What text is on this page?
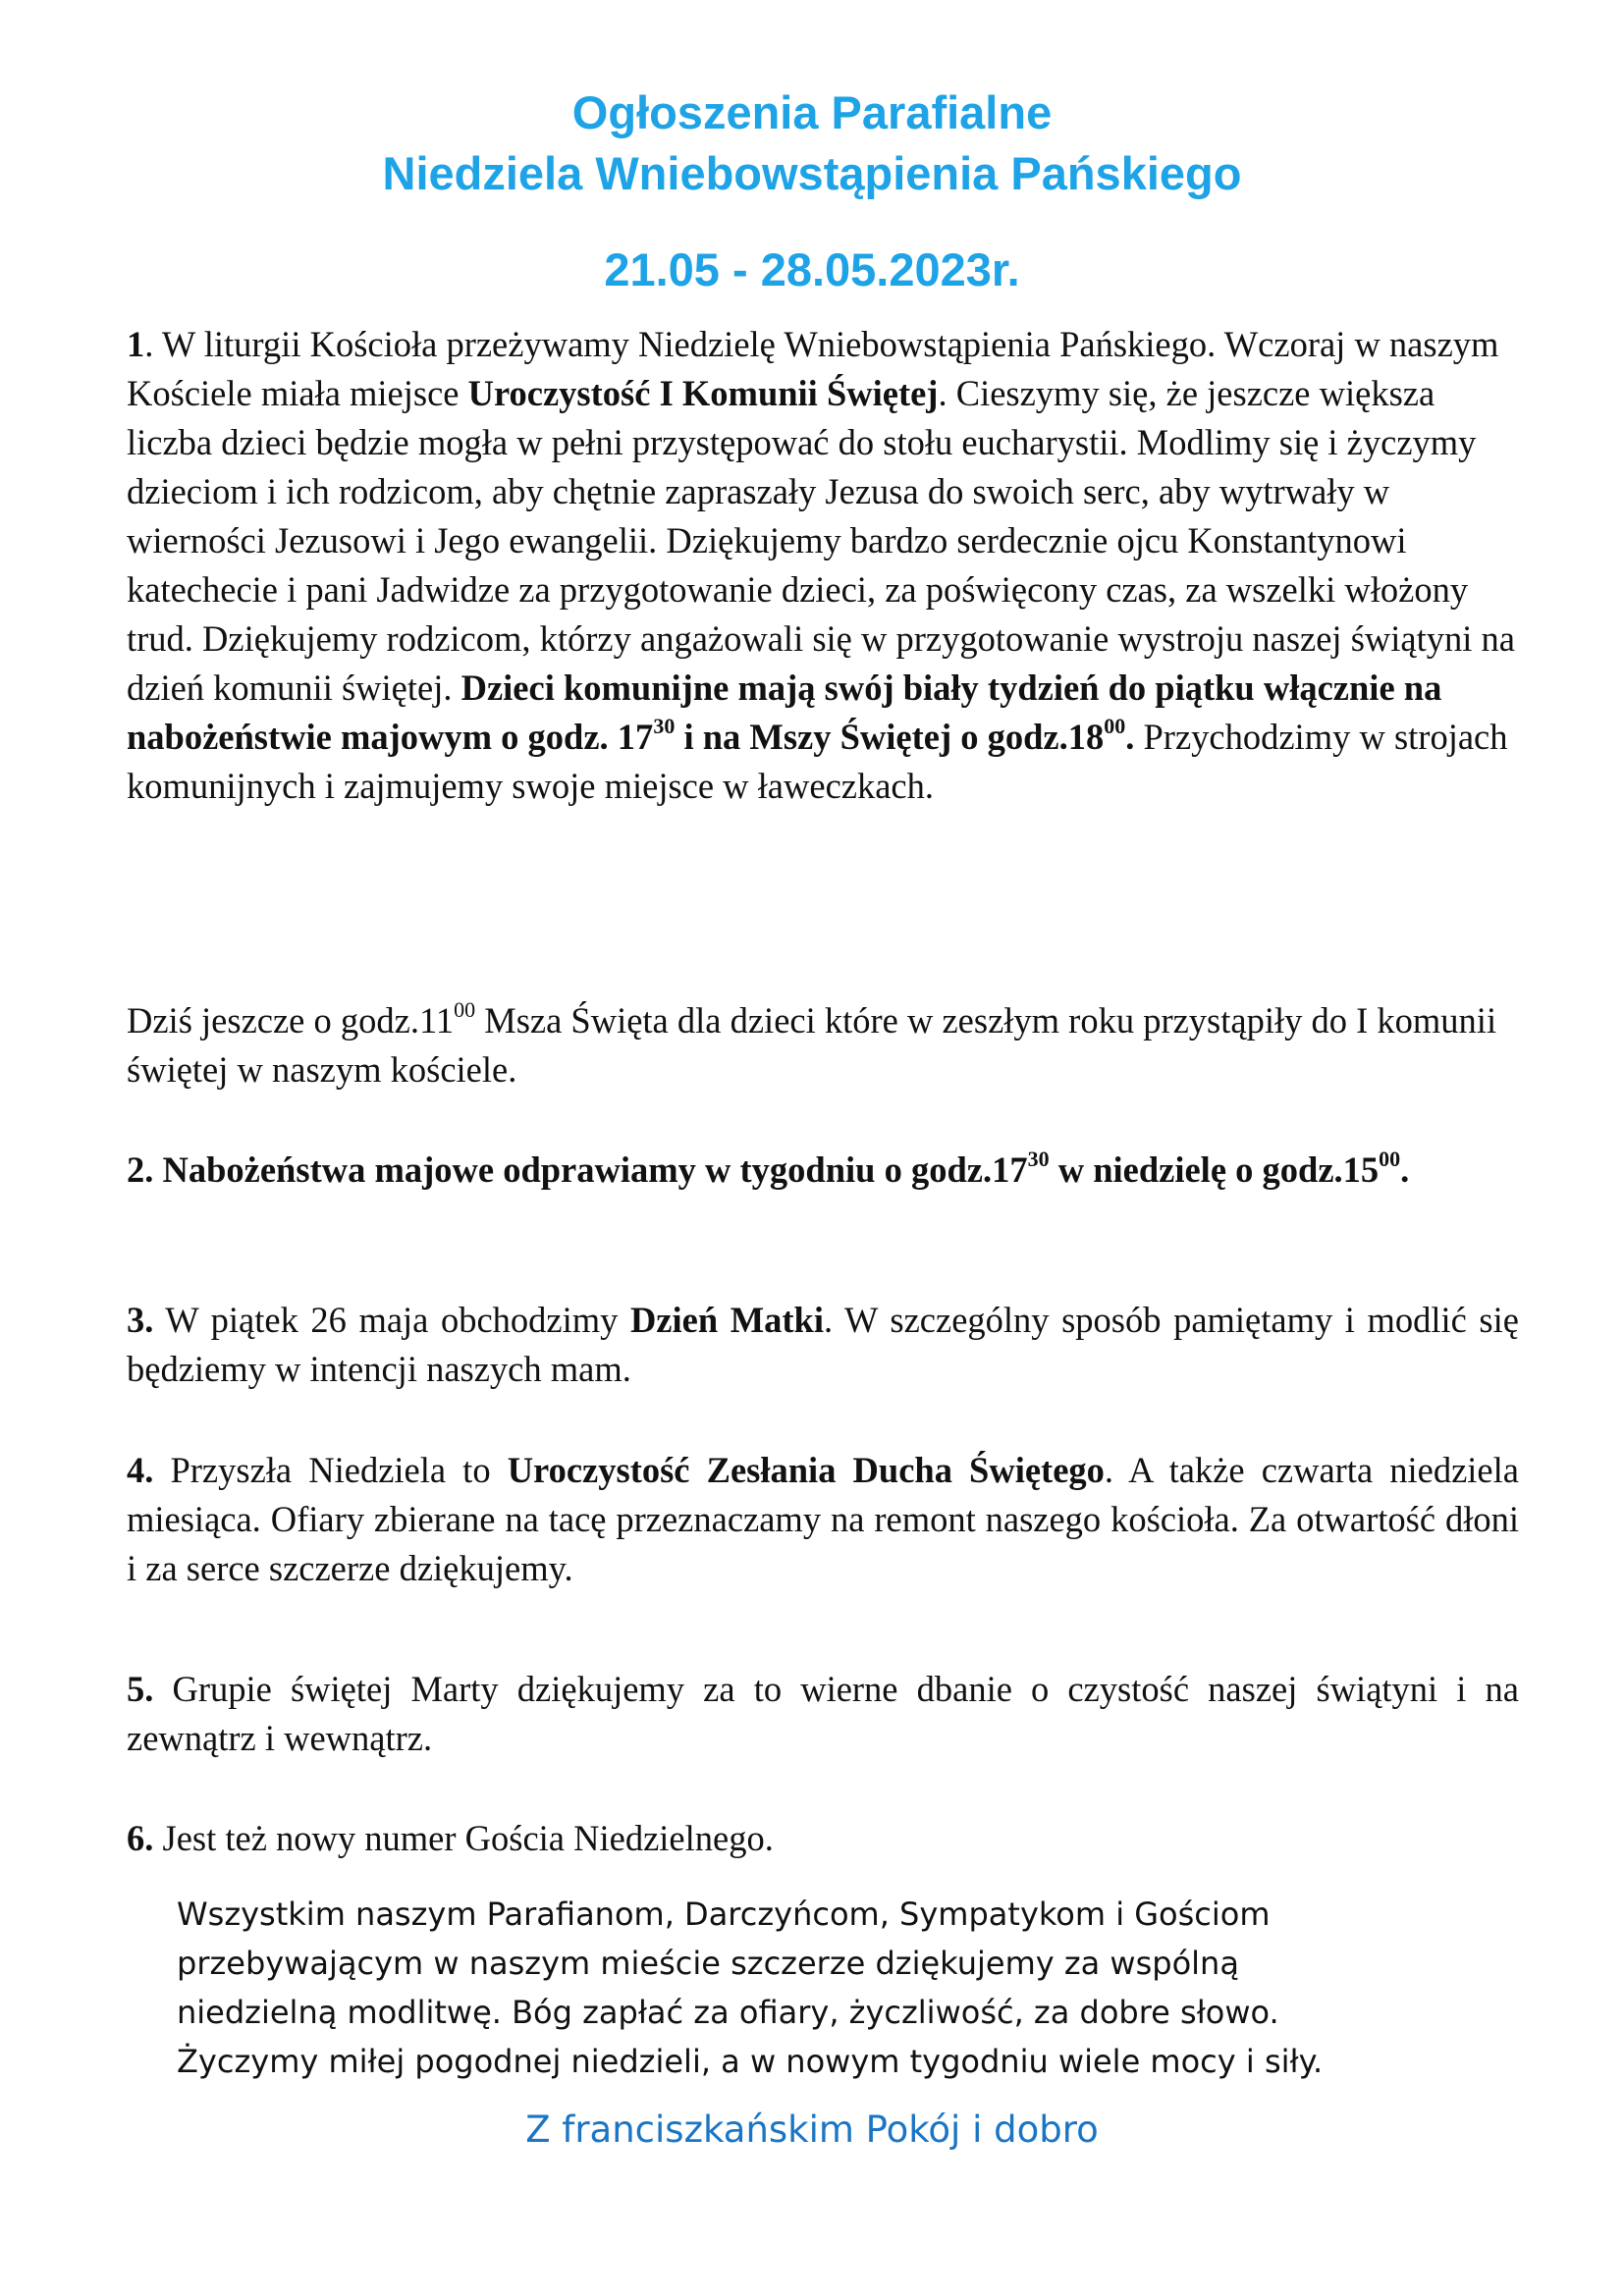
Ogłoszenia Parafialne
Niedziela Wniebowstąpienia Pańskiego
21.05 - 28.05.2023r.

1. W liturgii Kościoła przeżywamy Niedzielę Wniebowstąpienia Pańskiego. Wczoraj w naszym Kościele miała miejsce Uroczystość I Komunii Świętej. Cieszymy się, że jeszcze większa liczba dzieci będzie mogła w pełni przystępować do stołu eucharystii. Modlimy się i życzymy dzieciom i ich rodzicom, aby chętnie zapraszały Jezusa do swoich serc, aby wytrwały w wierności Jezusowi i Jego ewangelii. Dziękujemy bardzo serdecznie ojcu Konstantynowi katechecie i pani Jadwidze za przygotowanie dzieci, za poświęcony czas, za wszelki włożony trud. Dziękujemy rodzicom, którzy angażowali się w przygotowanie wystroju naszej świątyni na dzień komunii świętej. Dzieci komunijne mają swój biały tydzień do piątku włącznie na nabożeństwie majowym o godz. $17^{30}$ i na Mszy Świętej o $godz.18^{00}$. Przychodzimy w strojach komunijnych i zajmujemy swoje miejsce w ławeczkach.

Dziś jeszcze o $godz.11^{00}$ Msza Święta dla dzieci które w zeszłym roku przystąpiły do I komunii świętej w naszym kościele.

2. Nabożeństwa majowe odprawiamy w tygodniu o $godz.17^{30}$ w niedzielę o $godz.15^{00}$.

3. W piątek 26 maja obchodzimy Dzień Matki. W szczególny sposób pamiętamy i modlić się będziemy w intencji naszych mam.

4. Przyszła Niedziela to Uroczystość Zesłania Ducha Świętego. A także czwarta niedziela miesiąca. Ofiary zbierane na tacę przeznaczamy na remont naszego kościoła. Za otwartość dłoni i za serce szczerze dziękujemy.

5. Grupie świętej Marty dziękujemy za to wierne dbanie o czystość naszej świątyni i na zewnątrz i wewnątrz.

6. Jest też nowy numer Gościa Niedzielnego.

Wszystkim naszym Parafianom, Darczyńcom, Sympatykom i Gościom
przebywającym w naszym mieście szczerze dziękujemy za wspólną
niedzielną modlitwę. Bóg zapłać za ofiary, życzliwość, za dobre słowo.
Życzymy miłej pogodnej niedzieli, a w nowym tygodniu wiele mocy i siły.
Z franciszkańskim Pokój i dobro
